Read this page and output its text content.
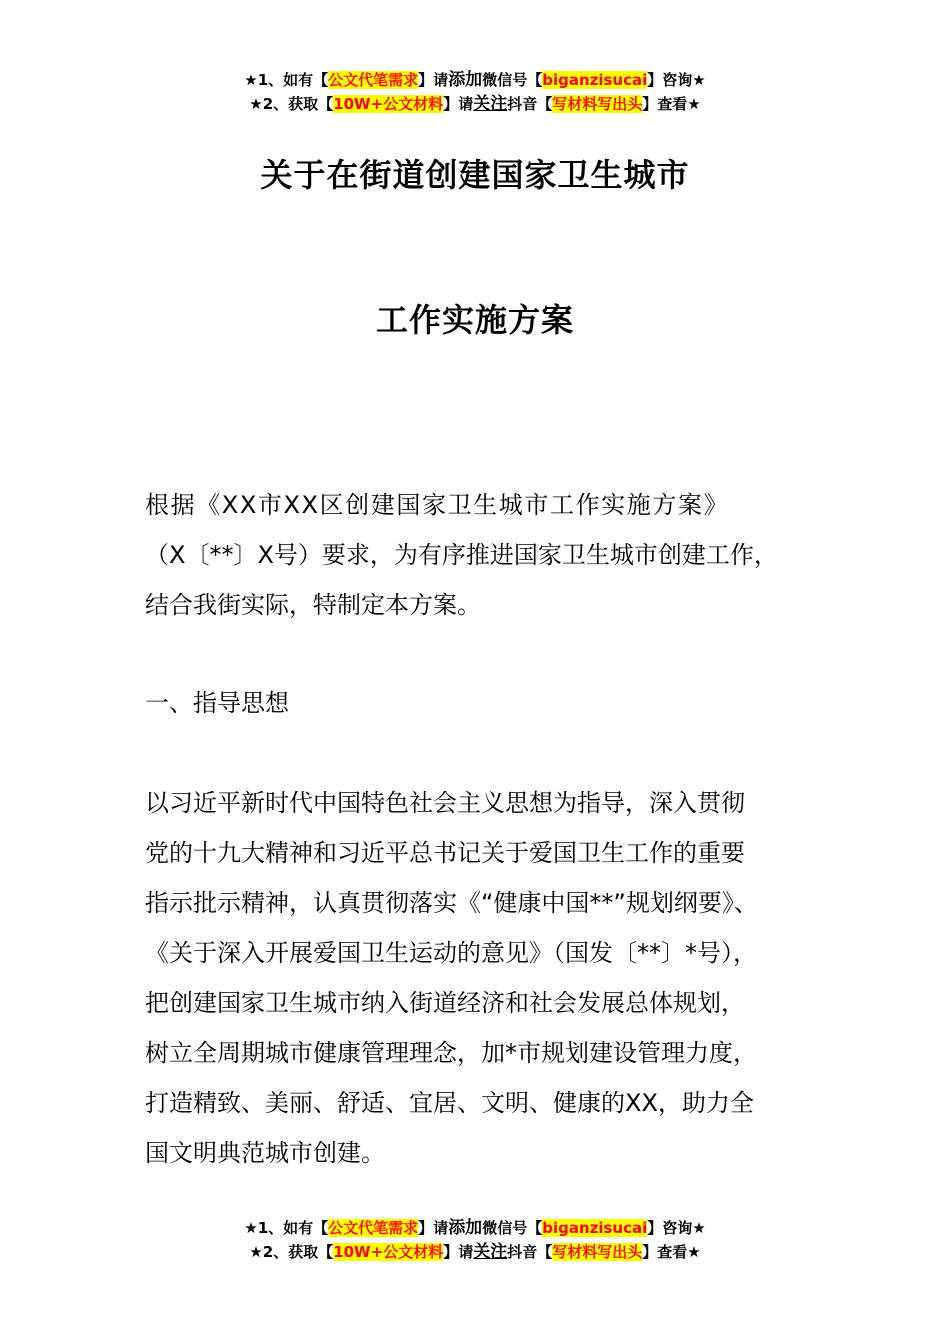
★1、如有【公文代笔需求】请添加微信号【biganzisucai】咨询★
★2、获取【10W+公文材料】请关注抖音【写材料写出头】查看★
关于在街道创建国家卫生城市
工作实施方案
根据《XX市XX区创建国家卫生城市工作实施方案》
（X〔**〕X号）要求，为有序推进国家卫生城市创建工作，
结合我街实际，特制定本方案。
一、指导思想
以习近平新时代中国特色社会主义思想为指导，深入贯彻
党的十九大精神和习近平总书记关于爱国卫生工作的重要
指示批示精神，认真贯彻落实《“健康中国**”规划纲要》、
《关于深入开展爱国卫生运动的意见》（国发〔**〕*号），
把创建国家卫生城市纳入街道经济和社会发展总体规划，
树立全周期城市健康管理理念，加*市规划建设管理力度，
打造精致、美丽、舒适、宜居、文明、健康的XX，助力全
国文明典范城市创建。
★1、如有【公文代笔需求】请添加微信号【biganzisucai】咨询★
★2、获取【10W+公文材料】请关注抖音【写材料写出头】查看★
